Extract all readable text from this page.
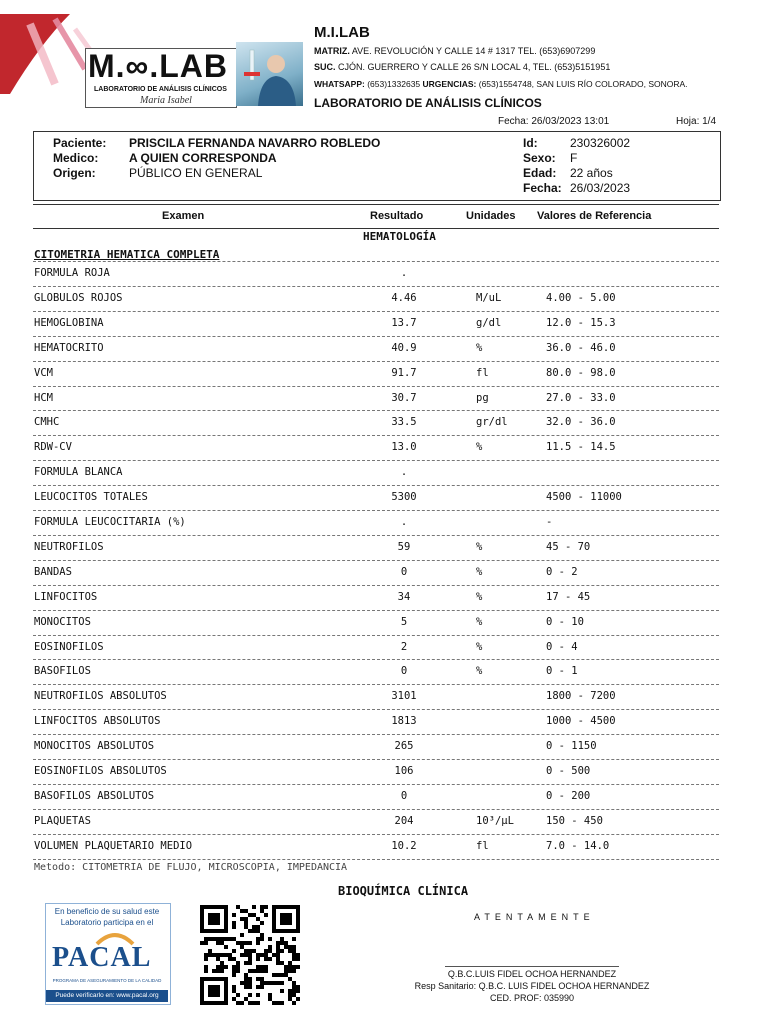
M.∞.LAB
LABORATORIO DE ANÁLISIS CLÍNICOS
Maria Isabel
M.I.LAB
MATRIZ. AVE. REVOLUCIÓN Y CALLE 14 # 1317 TEL. (653)6907299
SUC. CJÓN. GUERRERO Y CALLE 26 S/N LOCAL 4, TEL. (653)5151951
WHATSAPP: (653)1332635 URGENCIAS: (653)1554748, SAN LUIS RÍO COLORADO, SONORA.
LABORATORIO DE ANÁLISIS CLÍNICOS
Fecha: 26/03/2023 13:01	Hoja: 1/4
Paciente: PRISCILA FERNANDA NAVARRO ROBLEDO
Medico:	A QUIEN CORRESPONDA
Origen:	PÚBLICO EN GENERAL
Id:	230326002
Sexo: F
Edad: 22 años
Fecha: 26/03/2023
Examen	Resultado	Unidades Valores de Referencia
HEMATOLOGÍA
CITOMETRIA HEMATICA COMPLETA
FORMULA ROJA	.
GLOBULOS ROJOS	4.46	M/uL	4.00 - 5.00
HEMOGLOBINA	13.7	g/dl	12.0 - 15.3
HEMATOCRITO	40.9	%	36.0 - 46.0
VCM	91.7	fl	80.0 - 98.0
HCM	30.7	pg	27.0 - 33.0
CMHC	33.5	gr/dl	32.0 - 36.0
RDW-CV	13.0	%	11.5 - 14.5
FORMULA BLANCA	.
LEUCOCITOS TOTALES	5300	4500 - 11000
FORMULA LEUCOCITARIA (%)	.	-
NEUTROFILOS	59	%	45 - 70
BANDAS	0	%	0 - 2
LINFOCITOS	34	%	17 - 45
MONOCITOS	5	%	0 - 10
EOSINOFILOS	2	%	0 - 4
BASOFILOS	0	%	0 - 1
NEUTROFILOS ABSOLUTOS	3101	1800 - 7200
LINFOCITOS ABSOLUTOS	1813	1000 - 4500
MONOCITOS ABSOLUTOS	265	0 - 1150
EOSINOFILOS ABSOLUTOS	106	0 - 500
BASOFILOS ABSOLUTOS	0	0 - 200
PLAQUETAS	204	10³/µL	150 - 450
VOLUMEN PLAQUETARIO MEDIO	10.2	fl	7.0 - 14.0
Metodo: CITOMETRIA DE FLUJO, MICROSCOPIA, IMPEDANCIA
BIOQUÍMICA CLÍNICA
En beneficio de su salud este Laboratorio participa en el
PACAL
PROGRAMA DE ASEGURAMIENTO DE LA CALIDAD
Puede verificarlo en: www.pacal.org
ATENTAMENTE
Q.B.C.LUIS FIDEL OCHOA HERNANDEZ
Resp Sanitario: Q.B.C. LUIS FIDEL OCHOA HERNANDEZ
CED. PROF: 035990
